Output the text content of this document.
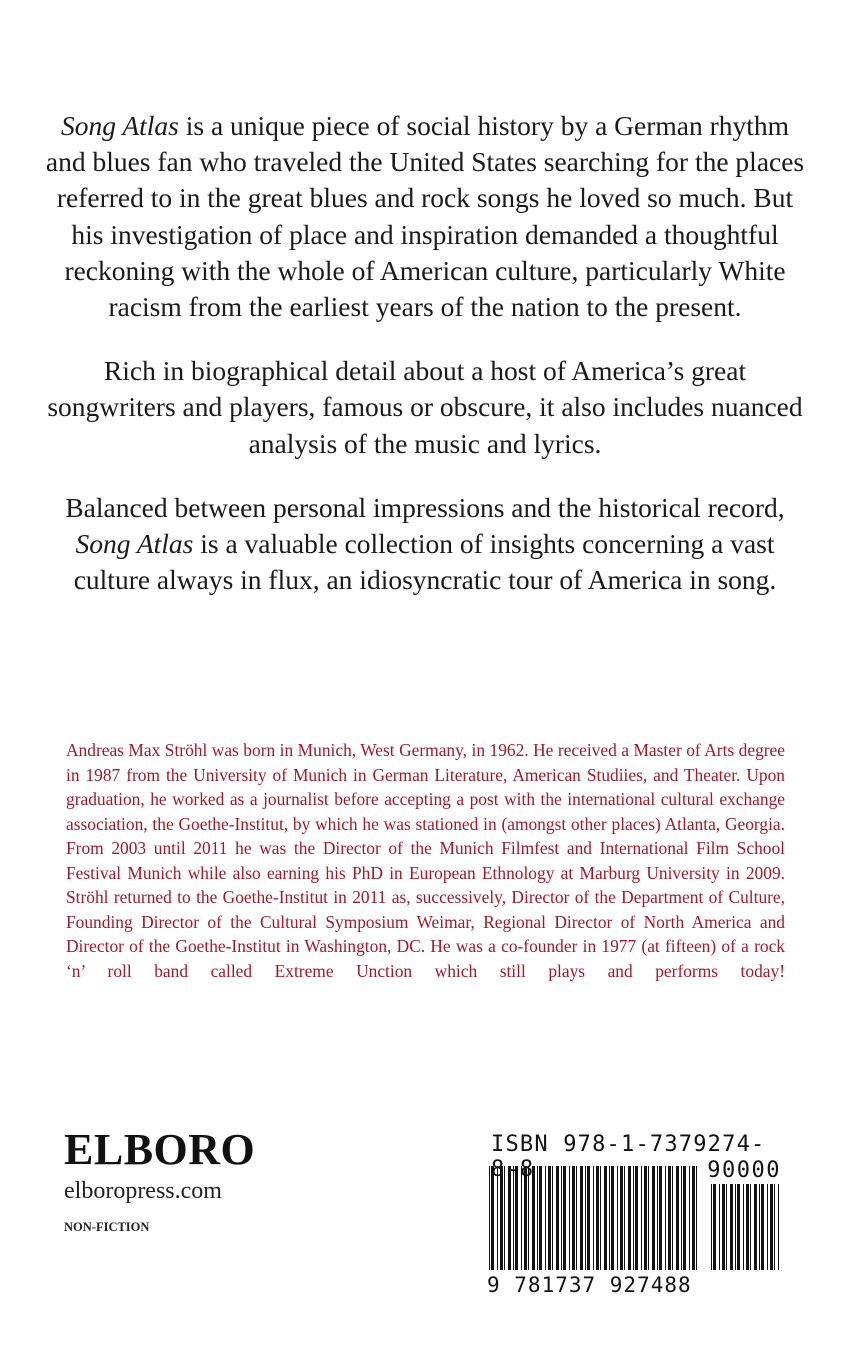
Song Atlas is a unique piece of social history by a German rhythm and blues fan who traveled the United States searching for the places referred to in the great blues and rock songs he loved so much. But his investigation of place and inspiration demanded a thoughtful reckoning with the whole of American culture, particularly White racism from the earliest years of the nation to the present.

Rich in biographical detail about a host of America’s great songwriters and players, famous or obscure, it also includes nuanced analysis of the music and lyrics.

Balanced between personal impressions and the historical record, Song Atlas is a valuable collection of insights concerning a vast culture always in flux, an idiosyncratic tour of America in song.

Andreas Max Ströhl was born in Munich, West Germany, in 1962. He received a Master of Arts degree in 1987 from the University of Munich in German Literature, American Studiies, and Theater. Upon graduation, he worked as a journalist before accepting a post with the international cultural exchange association, the Goethe-Institut, by which he was stationed in (amongst other places) Atlanta, Georgia. From 2003 until 2011 he was the Director of the Munich Filmfest and International Film School Festival Munich while also earning his PhD in European Ethnology at Marburg University in 2009. Ströhl returned to the Goethe-Institut in 2011 as, successively, Director of the Department of Culture, Founding Director of the Cultural Symposium Weimar, Regional Director of North America and Director of the Goethe-Institut in Washington, DC. He was a co-founder in 1977 (at fifteen) of a rock ‘n’ roll band called Extreme Unction which still plays and performs today!
ELBORO
elboropress.com
NON-FICTION
ISBN 978-1-7379274-8-8	90000
9 781737 927488
